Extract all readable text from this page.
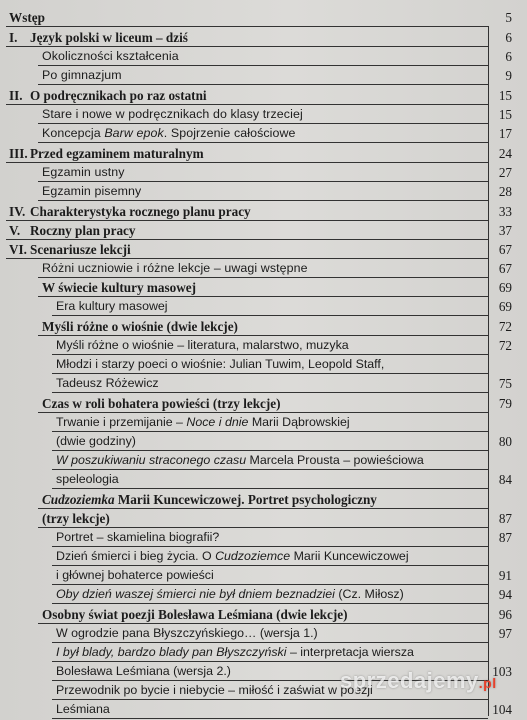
Wstęp	5
I. Język polski w liceum – dziś	6
Okoliczności kształcenia	6
Po gimnazjum	9
II. O podręcznikach po raz ostatni	15
Stare i nowe w podręcznikach do klasy trzeciej	15
Koncepcja Barw epok. Spojrzenie całościowe	17
III. Przed egzaminem maturalnym	24
Egzamin ustny	27
Egzamin pisemny	28
IV. Charakterystyka rocznego planu pracy	33
V. Roczny plan pracy	37
VI. Scenariusze lekcji	67
Różni uczniowie i różne lekcje – uwagi wstępne	67
W świecie kultury masowej	69
Era kultury masowej	69
Myśli różne o wiośnie (dwie lekcje)	72
Myśli różne o wiośnie – literatura, malarstwo, muzyka	72
Młodzi i starzy poeci o wiośnie: Julian Tuwim, Leopold Staff,
Tadeusz Różewicz	75
Czas w roli bohatera powieści (trzy lekcje)	79
Trwanie i przemijanie – Noce i dnie Marii Dąbrowskiej
(dwie godziny)	80
W poszukiwaniu straconego czasu Marcela Prousta – powieściowa
speleologia	84
Cudzoziemka Marii Kuncewiczowej. Portret psychologiczny
(trzy lekcje)	87
Portret – skamielina biografii?	87
Dzień śmierci i bieg życia. O Cudzoziemce Marii Kuncewiczowej
i głównej bohaterce powieści	91
Oby dzień waszej śmierci nie był dniem beznadziei (Cz. Miłosz)	94
Osobny świat poezji Bolesława Leśmiana (dwie lekcje)	96
W ogrodzie pana Błyszczyńskiego… (wersja 1.)	97
I był blady, bardzo blady pan Błyszczyński – interpretacja wiersza
Bolesława Leśmiana (wersja 2.)	103
Przewodnik po bycie i niebycie – miłość i zaświat w poezji
Leśmiana	104
sprzedajemy.pl
